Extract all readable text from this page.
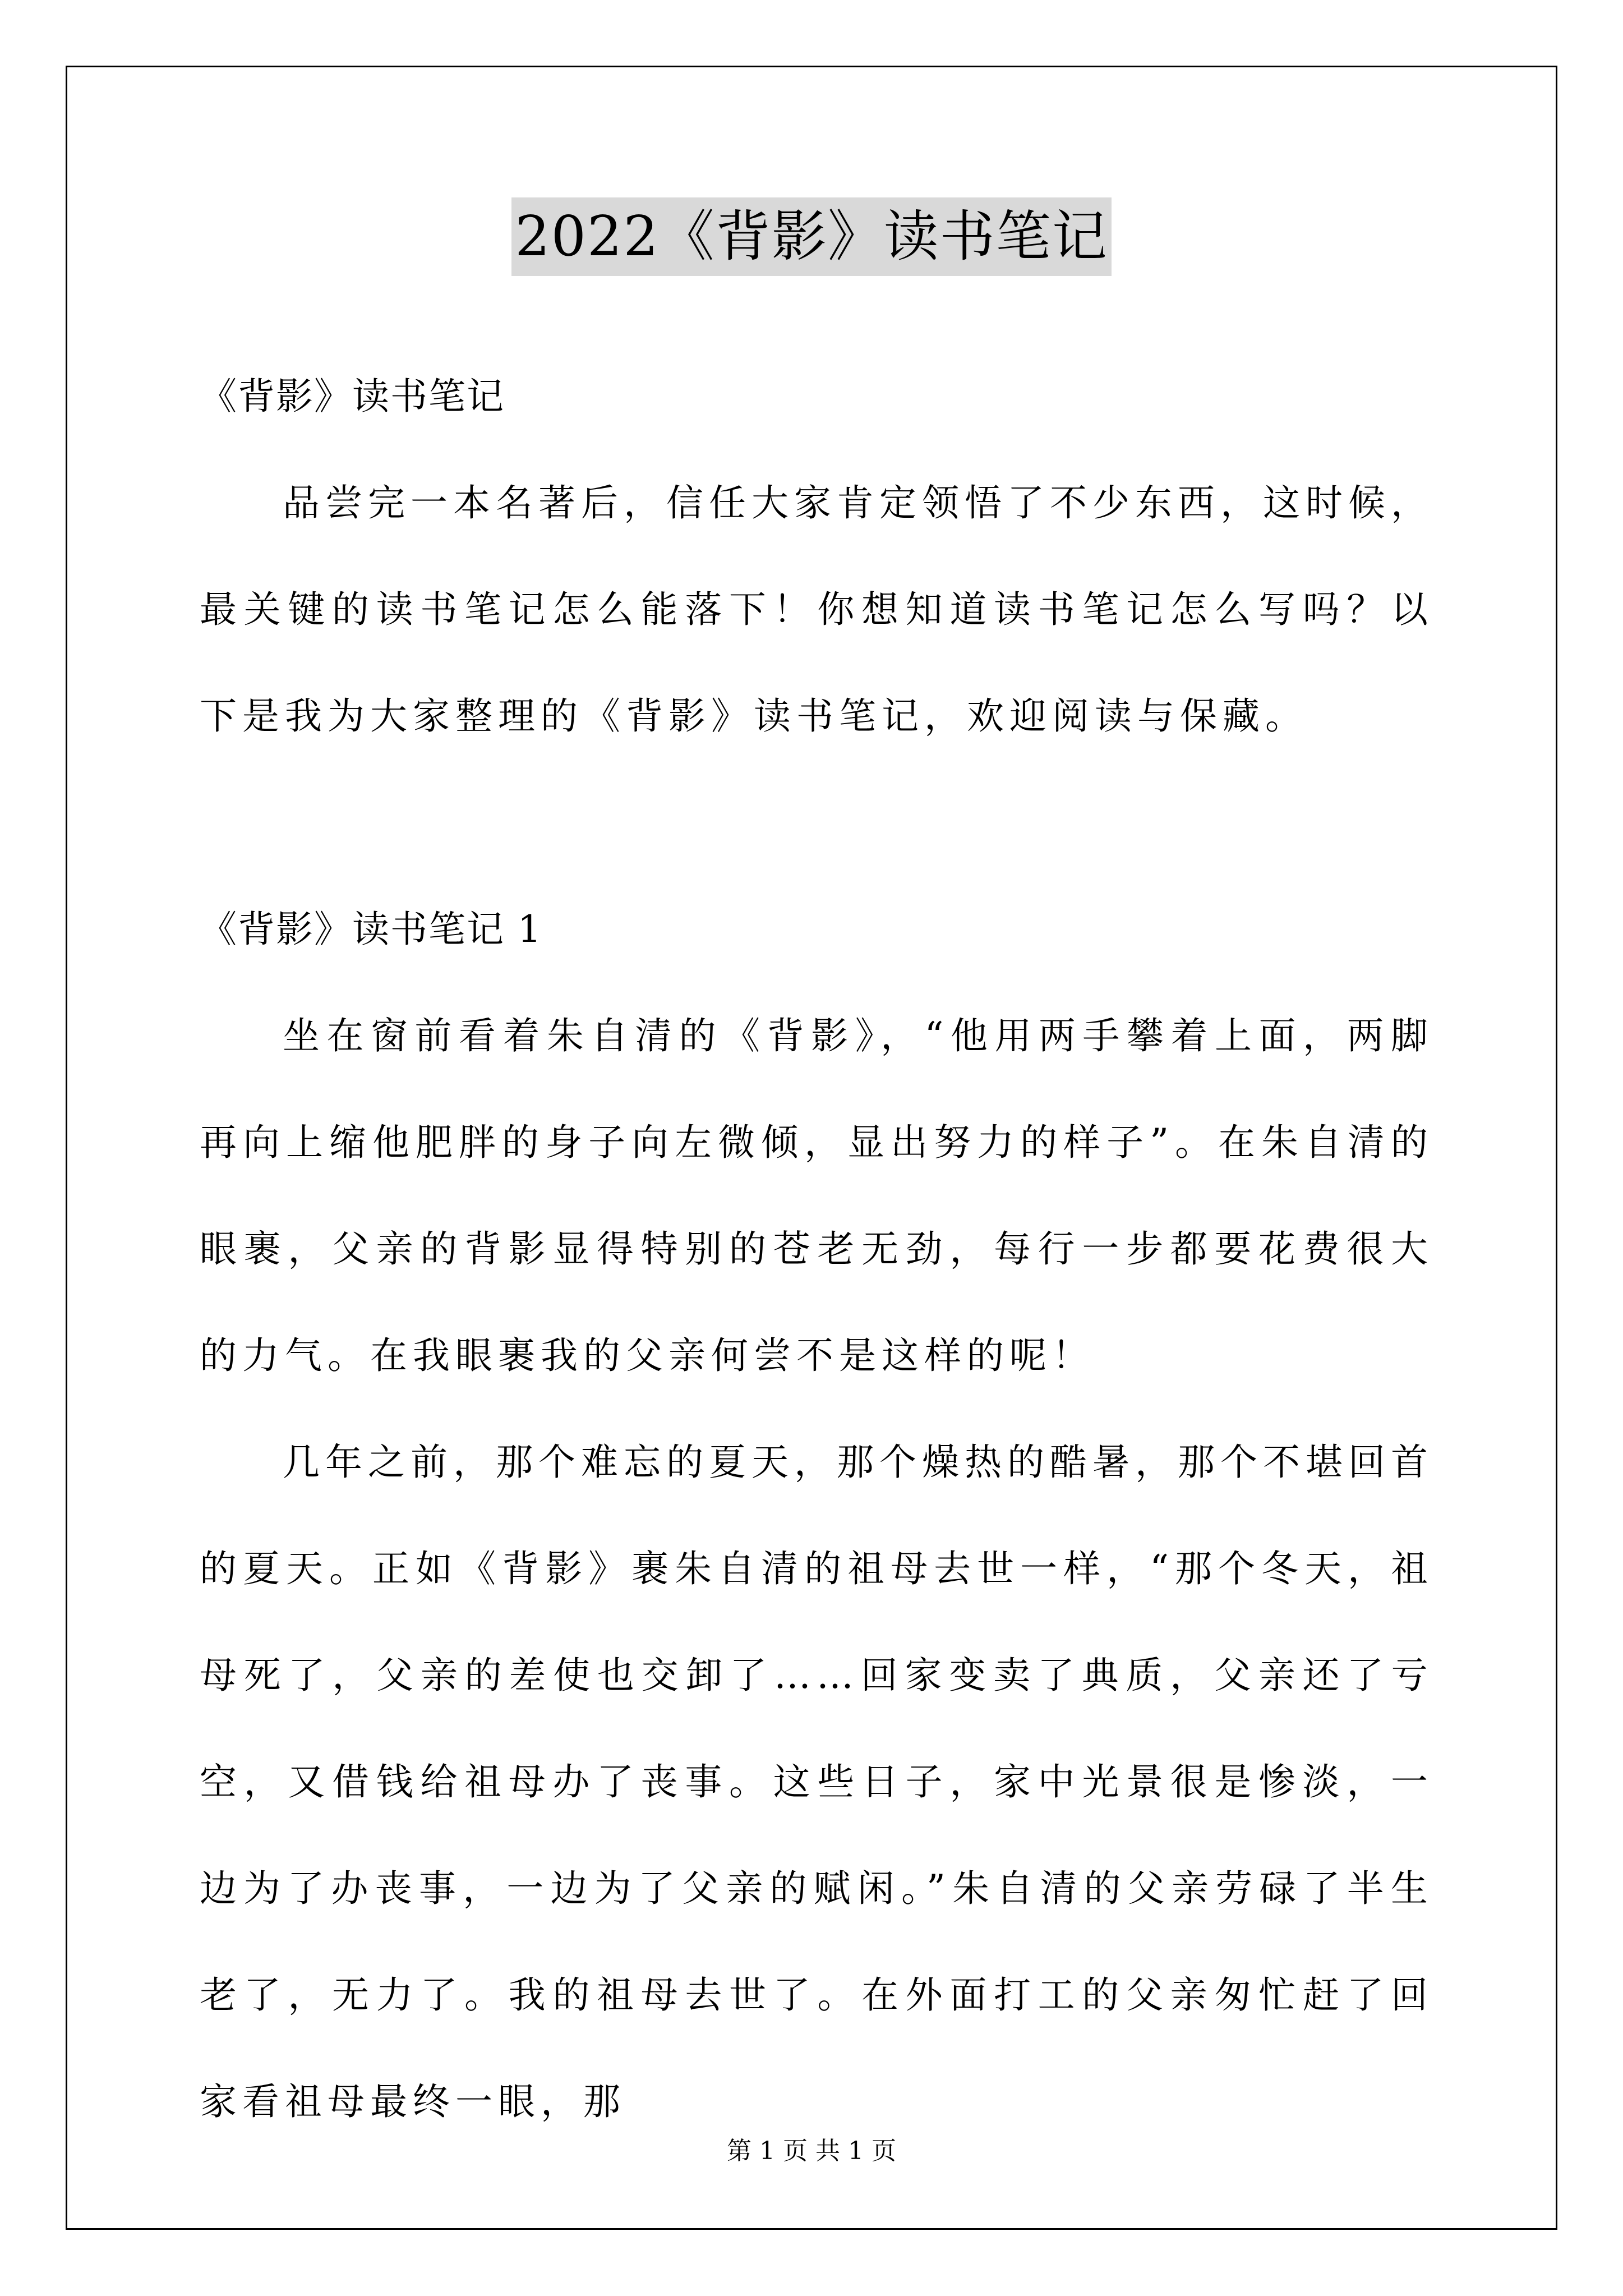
2022《背影》读书笔记
《背影》读书笔记

品尝完一本名著后，信任大家肯定领悟了不少东西，这时候，最关键的读书笔记怎么能落下！你想知道读书笔记怎么写吗？以下是我为大家整理的《背影》读书笔记，欢迎阅读与保藏。

《背影》读书笔记 1

坐在窗前看着朱自清的《背影》，“他用两手攀着上面，两脚再向上缩他肥胖的身子向左微倾，显出努力的样子”。在朱自清的眼裹，父亲的背影显得特别的苍老无劲，每行一步都要花费很大的力气。在我眼裹我的父亲何尝不是这样的呢！

几年之前，那个难忘的夏天，那个燥热的酷暑，那个不堪回首的夏天。正如《背影》裹朱自清的祖母去世一样，“那个冬天，祖母死了，父亲的差使也交卸了……回家变卖了典质，父亲还了亏空，又借钱给祖母办了丧事。这些日子，家中光景很是惨淡，一边为了办丧事，一边为了父亲的赋闲。”朱自清的父亲劳碌了半生老了，无力了。我的祖母去世了。在外面打工的父亲匆忙赶了回家看祖母最终一眼，那

第 1 页 共 1 页
